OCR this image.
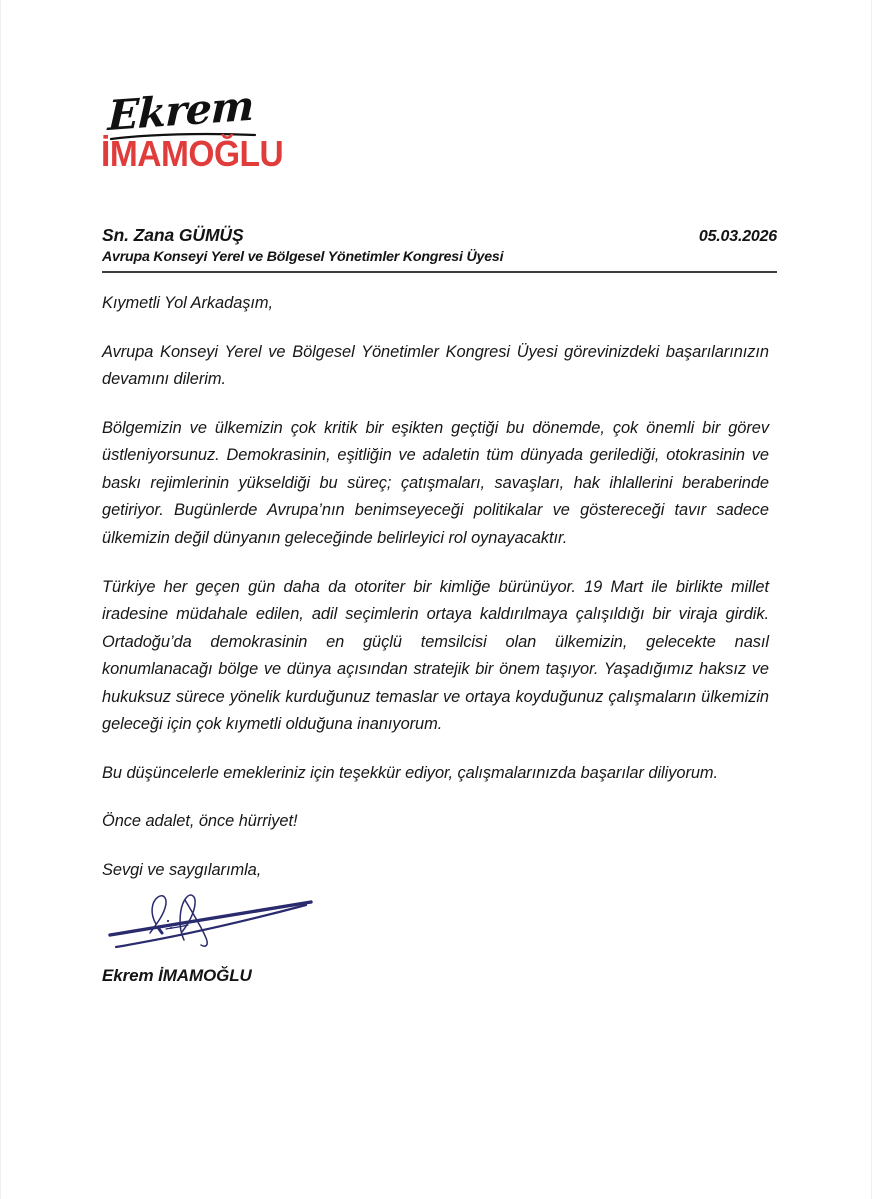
Ekrem
İMAMOĞLU
Sn. Zana GÜMÜŞ	05.03.2026
Avrupa Konseyi Yerel ve Bölgesel Yönetimler Kongresi Üyesi

Kıymetli Yol Arkadaşım,

Avrupa Konseyi Yerel ve Bölgesel Yönetimler Kongresi Üyesi görevinizdeki başarılarınızın devamını dilerim.

Bölgemizin ve ülkemizin çok kritik bir eşikten geçtiği bu dönemde, çok önemli bir görev üstleniyorsunuz. Demokrasinin, eşitliğin ve adaletin tüm dünyada gerilediği, otokrasinin ve baskı rejimlerinin yükseldiği bu süreç; çatışmaları, savaşları, hak ihlallerini beraberinde getiriyor. Bugünlerde Avrupa’nın benimseyeceği politikalar ve göstereceği tavır sadece ülkemizin değil dünyanın geleceğinde belirleyici rol oynayacaktır.

Türkiye her geçen gün daha da otoriter bir kimliğe bürünüyor. 19 Mart ile birlikte millet iradesine müdahale edilen, adil seçimlerin ortaya kaldırılmaya çalışıldığı bir viraja girdik. Ortadoğu’da demokrasinin en güçlü temsilcisi olan ülkemizin, gelecekte nasıl konumlanacağı bölge ve dünya açısından stratejik bir önem taşıyor. Yaşadığımız haksız ve hukuksuz sürece yönelik kurduğunuz temaslar ve ortaya koyduğunuz çalışmaların ülkemizin geleceği için çok kıymetli olduğuna inanıyorum.

Bu düşüncelerle emekleriniz için teşekkür ediyor, çalışmalarınızda başarılar diliyorum.

Önce adalet, önce hürriyet!

Sevgi ve saygılarımla,

Ekrem İMAMOĞLU
